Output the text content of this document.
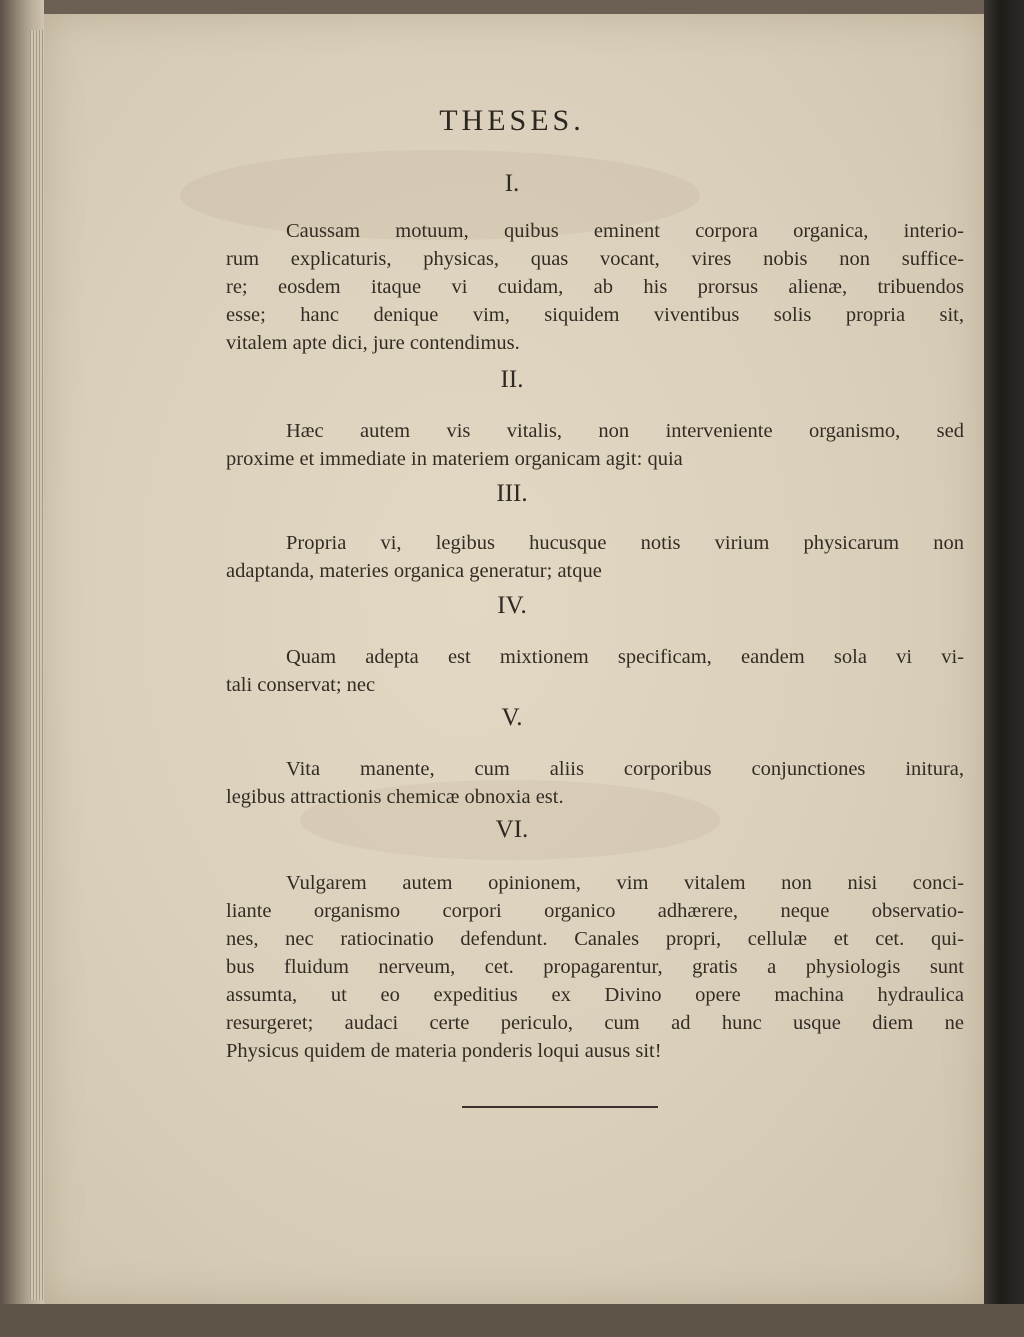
THESES.
I.
Caussam motuum, quibus eminent corpora organica, interio-
rum explicaturis, physicas, quas vocant, vires nobis non suffice-
re; eosdem itaque vi cuidam, ab his prorsus alienæ, tribuendos
esse; hanc denique vim, siquidem viventibus solis propria sit,
vitalem apte dici, jure contendimus.
II.
Hæc autem vis vitalis, non interveniente organismo, sed
proxime et immediate in materiem organicam agit: quia
III.
Propria vi, legibus hucusque notis virium physicarum non
adaptanda, materies organica generatur; atque
IV.
Quam adepta est mixtionem specificam, eandem sola vi vi-
tali conservat; nec
V.
Vita manente, cum aliis corporibus conjunctiones initura,
legibus attractionis chemicæ obnoxia est.
VI.
Vulgarem autem opinionem, vim vitalem non nisi conci-
liante organismo corpori organico adhærere, neque observatio-
nes, nec ratiocinatio defendunt. Canales propri, cellulæ et cet. qui-
bus fluidum nerveum, cet. propagarentur, gratis a physiologis sunt
assumta, ut eo expeditius ex Divino opere machina hydraulica
resurgeret; audaci certe periculo, cum ad hunc usque diem ne
Physicus quidem de materia ponderis loqui ausus sit!
